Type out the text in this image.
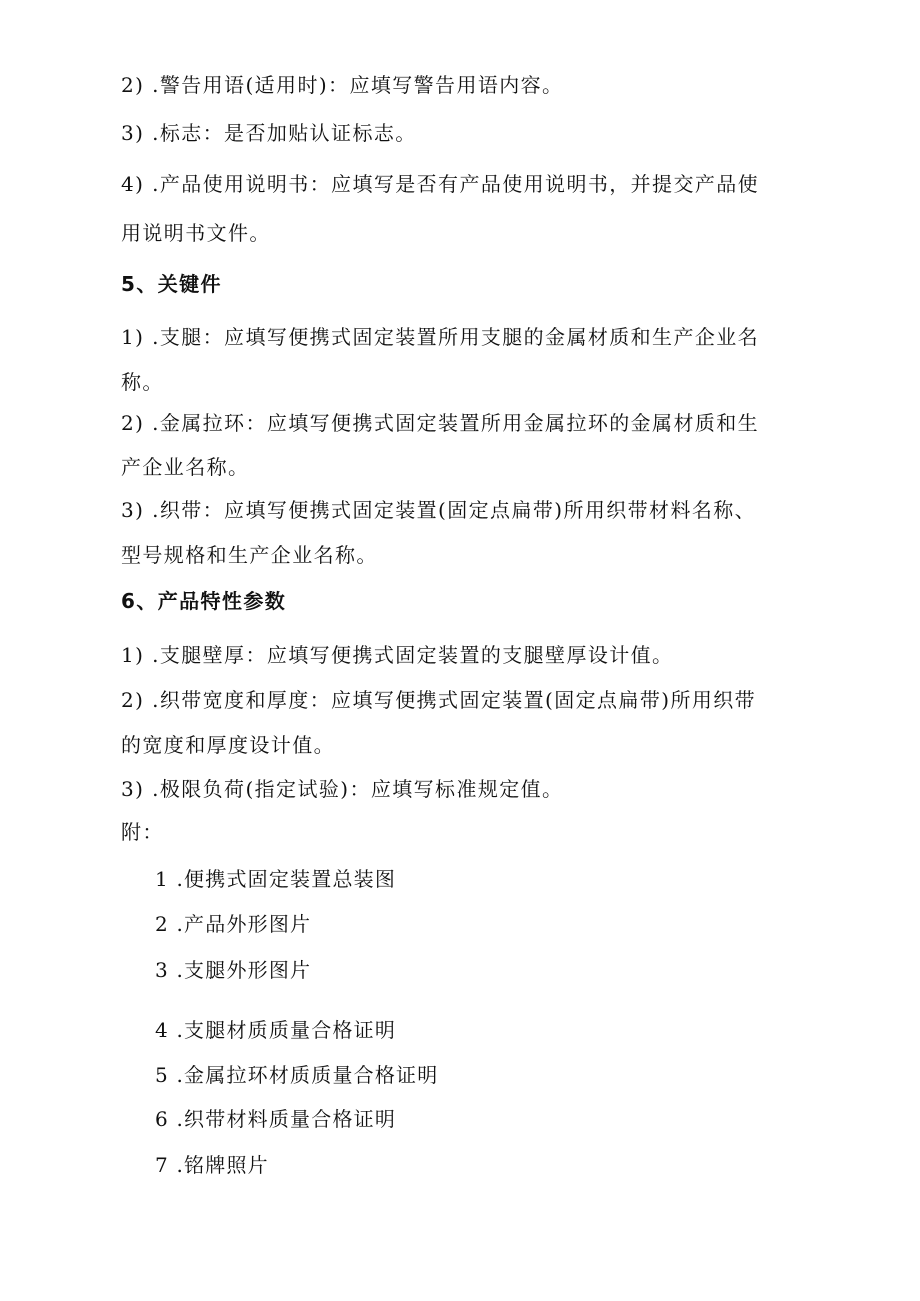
2) .警告用语(适用时)：应填写警告用语内容。
3) .标志：是否加贴认证标志。
4) .产品使用说明书：应填写是否有产品使用说明书，并提交产品使
用说明书文件。
5、关键件
1) .支腿：应填写便携式固定装置所用支腿的金属材质和生产企业名
称。
2) .金属拉环：应填写便携式固定装置所用金属拉环的金属材质和生
产企业名称。
3) .织带：应填写便携式固定装置(固定点扁带)所用织带材料名称、
型号规格和生产企业名称。
6、产品特性参数
1) .支腿壁厚：应填写便携式固定装置的支腿壁厚设计值。
2) .织带宽度和厚度：应填写便携式固定装置(固定点扁带)所用织带
的宽度和厚度设计值。
3) .极限负荷(指定试验)：应填写标准规定值。
附：
1 .便携式固定装置总装图
2 .产品外形图片
3 .支腿外形图片
4 .支腿材质质量合格证明
5 .金属拉环材质质量合格证明
6 .织带材料质量合格证明
7 .铭牌照片
